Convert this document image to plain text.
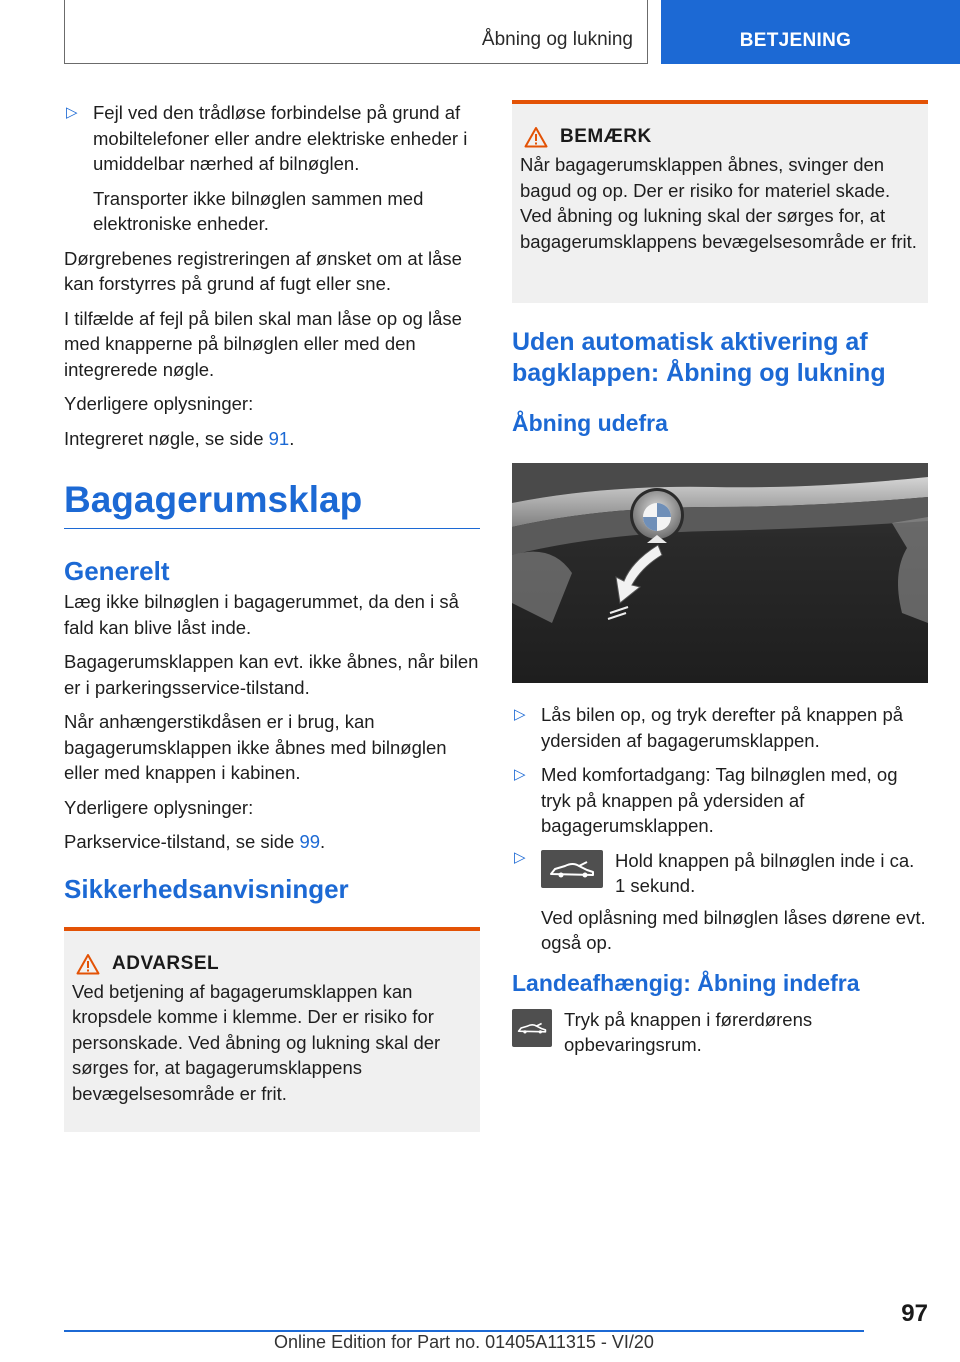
Åbning og lukning	BETJENING
▷ Fejl ved den trådløse forbindelse på grund af mobiltelefoner eller andre elektriske enheder i umiddelbar nærhed af bilnøglen.
Transporter ikke bilnøglen sammen med elektroniske enheder.

Dørgrebenes registreringen af ønsket om at låse kan forstyrres på grund af fugt eller sne.

I tilfælde af fejl på bilen skal man låse op og låse med knapperne på bilnøglen eller med den integrerede nøgle.

Yderligere oplysninger:

Integreret nøgle, se side 91.

Bagagerumsklap
Generelt

Læg ikke bilnøglen i bagagerummet, da den i så fald kan blive låst inde.

Bagagerumsklappen kan evt. ikke åbnes, når bilen er i parkeringsservice-tilstand.

Når anhængerstikdåsen er i brug, kan bagagerumsklappen ikke åbnes med bilnøglen eller med knappen i kabinen.

Yderligere oplysninger:

Parkservice-tilstand, se side 99.

Sikkerhedsanvisninger
ADVARSEL
Ved betjening af bagagerumsklappen kan kropsdele komme i klemme. Der er risiko for personskade. Ved åbning og lukning skal der sørges for, at bagagerumsklappens bevægelsesområde er frit.
BEMÆRK
Når bagagerumsklappen åbnes, svinger den bagud og op. Der er risiko for materiel skade. Ved åbning og lukning skal der sørges for, at bagagerumsklappens bevægelsesområde er frit.
Uden automatisk aktivering af bagklappen: Åbning og lukning
Åbning udefra
▷ Lås bilen op, og tryk derefter på knappen på ydersiden af bagagerumsklappen.
▷ Med komfortadgang: Tag bilnøglen med, og tryk på knappen på ydersiden af bagagerumsklappen.
▷	Hold knappen på bilnøglen inde i ca. 1 sekund.
Ved oplåsning med bilnøglen låses dørene evt. også op.
Landeafhængig: Åbning indefra
Tryk på knappen i førerdørens opbevaringsrum.
97
Online Edition for Part no. 01405A11315 - VI/20
